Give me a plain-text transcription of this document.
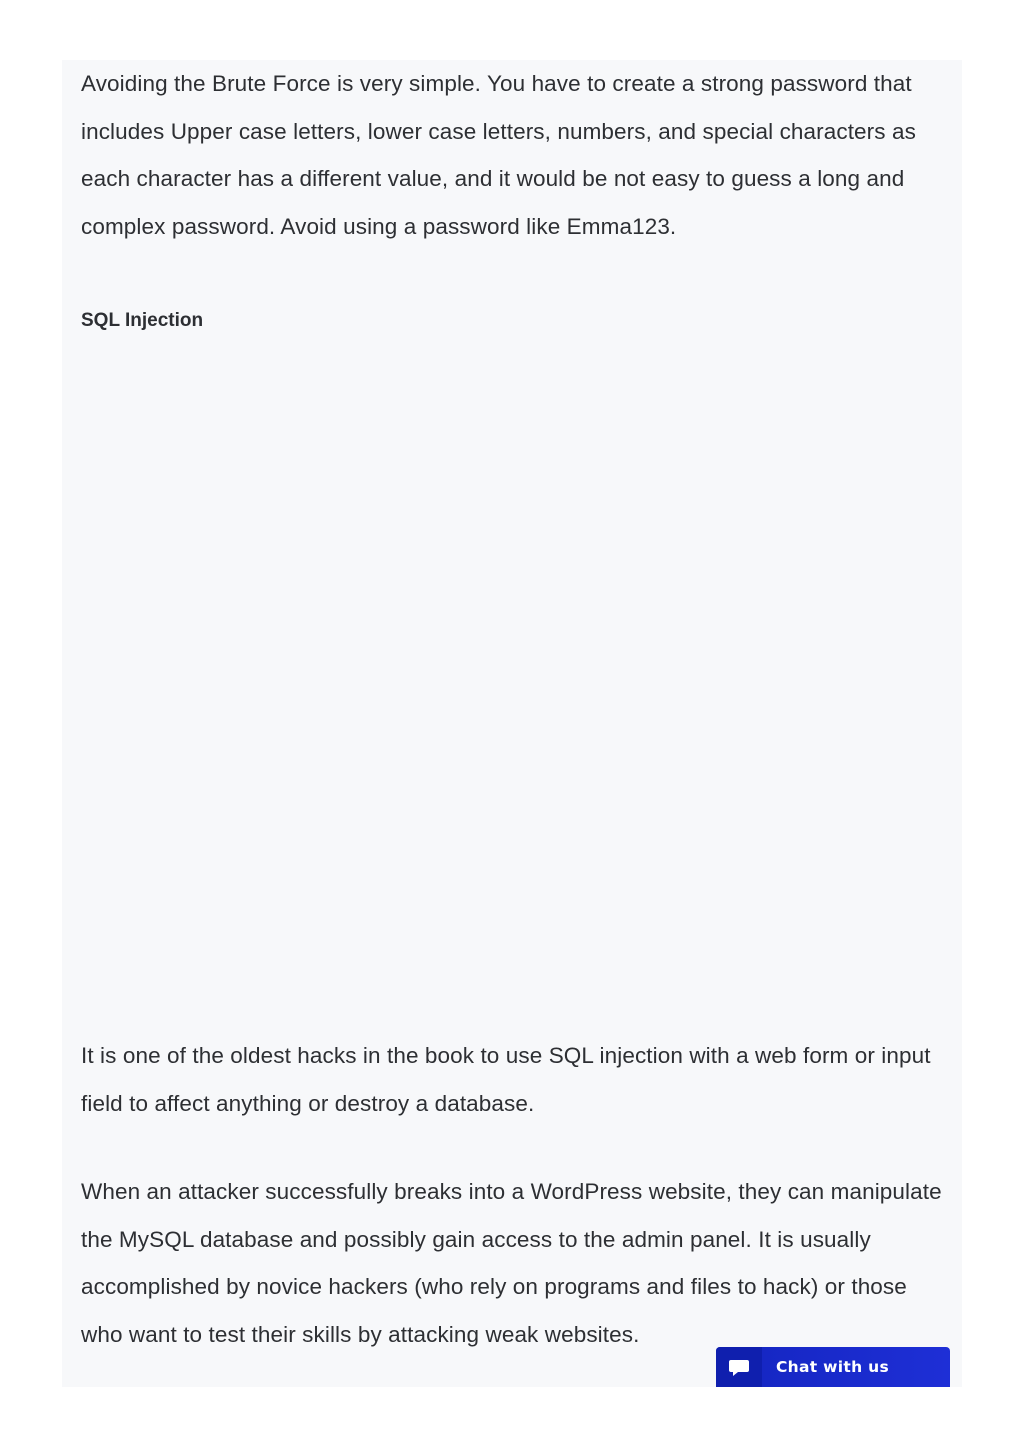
Avoiding the Brute Force is very simple. You have to create a strong password that includes Upper case letters, lower case letters, numbers, and special characters as each character has a different value, and it would be not easy to guess a long and complex password. Avoid using a password like Emma123.

SQL Injection

It is one of the oldest hacks in the book to use SQL injection with a web form or input field to affect anything or destroy a database.

When an attacker successfully breaks into a WordPress website, they can manipulate the MySQL database and possibly gain access to the admin panel. It is usually accomplished by novice hackers (who rely on programs and files to hack) or those who want to test their skills by attacking weak websites.

Chat with us
